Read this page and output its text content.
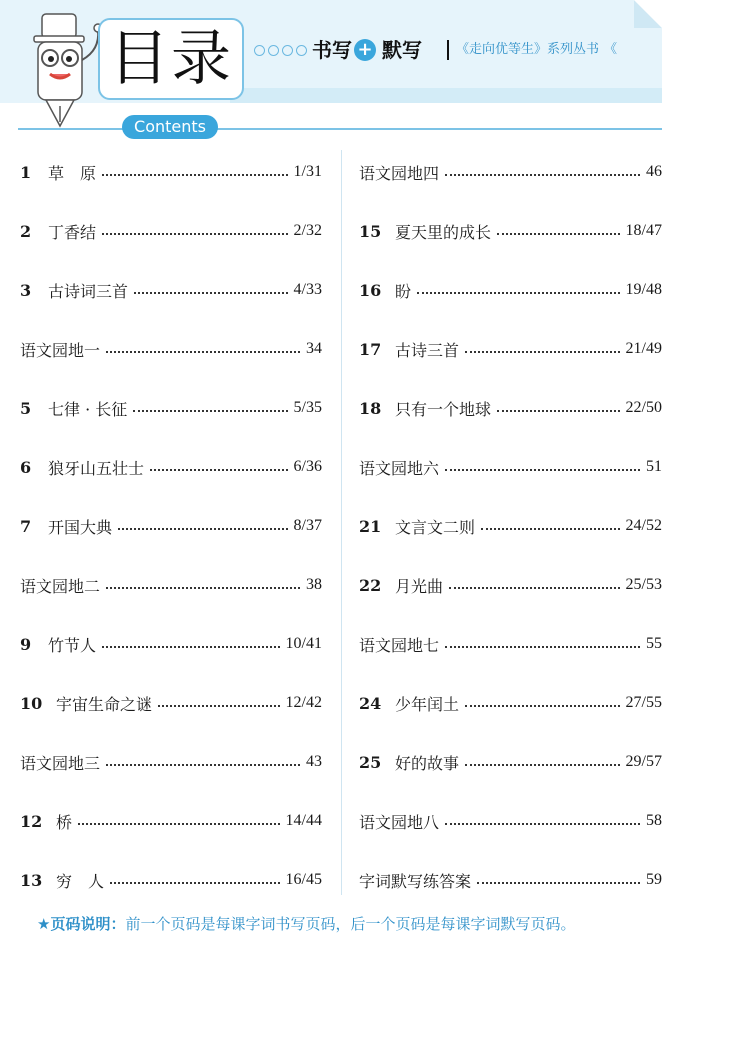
目录	书写 + 默写	《走向优等生》系列丛书 《
Contents
1	草　原	1/31
2	丁香结	2/32
3	古诗词三首	4/33
语文园地一	34
5	七律 · 长征	5/35
6	狼牙山五壮士	6/36
7	开国大典	8/37
语文园地二	38
9	竹节人	10/41
10 宇宙生命之谜	12/42
语文园地三	43
12 桥	14/44
13 穷　人	16/45
语文园地四	46
15 夏天里的成长	18/47
16 盼	19/48
17 古诗三首	21/49
18 只有一个地球	22/50
语文园地六	51
21 文言文二则	24/52
22 月光曲	25/53
语文园地七	55
24 少年闰土	27/55
25 好的故事	29/57
语文园地八	58
字词默写练答案	59
★页码说明：前一个页码是每课字词书写页码，后一个页码是每课字词默写页码。
